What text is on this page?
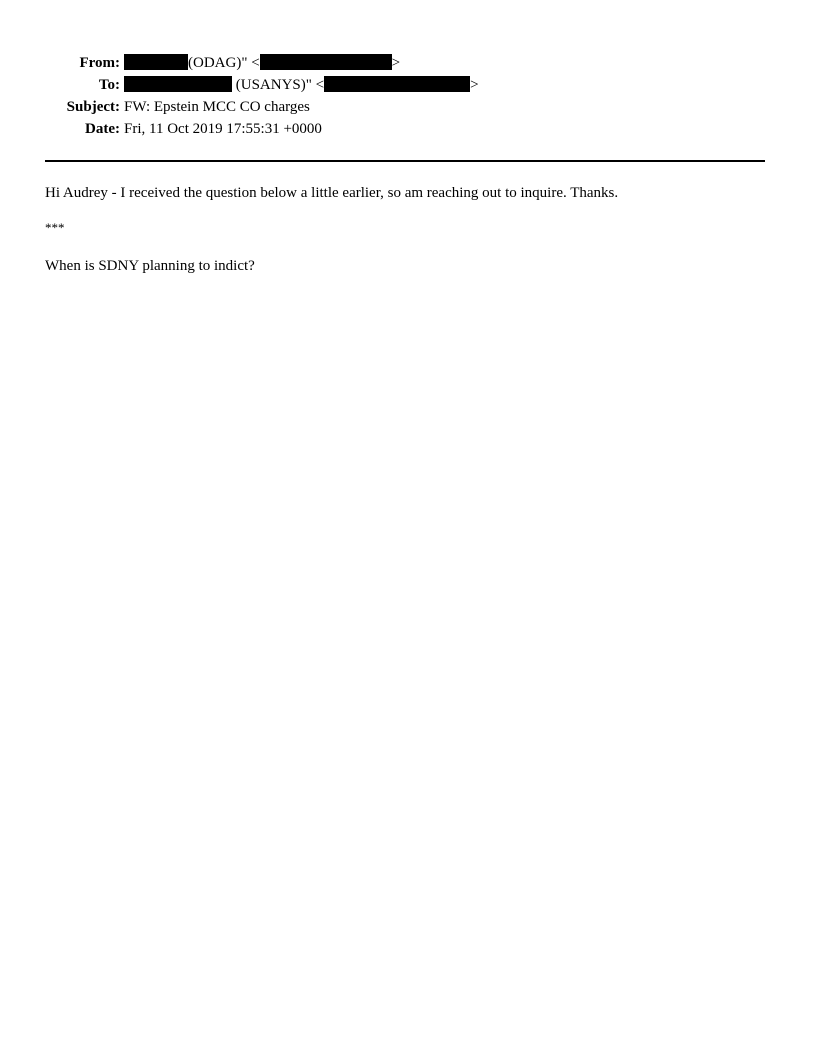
From:	(ODAG)" <	>
To:	(USANYS)" <	>
Subject: FW: Epstein MCC CO charges
Date: Fri, 11 Oct 2019 17:55:31 +0000
Hi Audrey - I received the question below a little earlier, so am reaching out to inquire. Thanks.
***
When is SDNY planning to indict?
